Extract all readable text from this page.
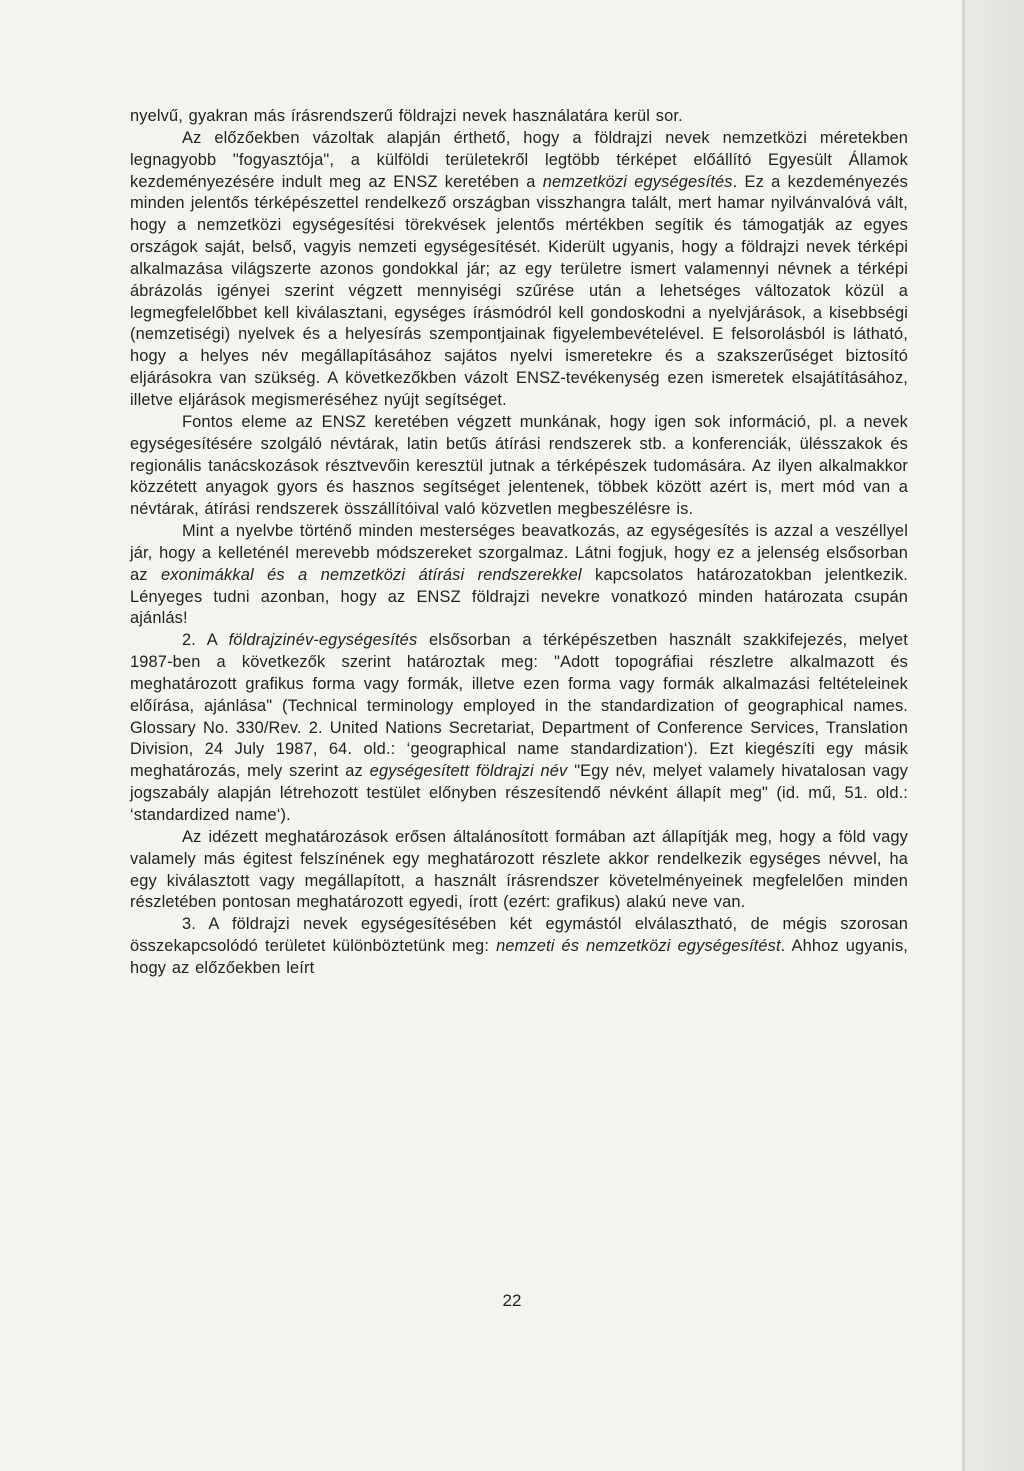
nyelvű, gyakran más írásrendszerű földrajzi nevek használatára kerül sor.

Az előzőekben vázoltak alapján érthető, hogy a földrajzi nevek nemzetközi méretekben legnagyobb "fogyasztója", a külföldi területekről legtöbb térképet előállító Egyesült Államok kezdeményezésére indult meg az ENSZ keretében a nemzetközi egységesítés. Ez a kezdeményezés minden jelentős térképészettel rendelkező országban visszhangra talált, mert hamar nyilvánvalóvá vált, hogy a nemzetközi egységesítési törekvések jelentős mértékben segítik és támogatják az egyes országok saját, belső, vagyis nemzeti egységesítését. Kiderült ugyanis, hogy a földrajzi nevek térképi alkalmazása világszerte azonos gondokkal jár; az egy területre ismert valamennyi névnek a térképi ábrázolás igényei szerint végzett mennyiségi szűrése után a lehetséges változatok közül a legmegfelelőbbet kell kiválasztani, egységes írásmódról kell gondoskodni a nyelvjárások, a kisebbségi (nemzetiségi) nyelvek és a helyesírás szempontjainak figyelembevételével. E felsorolásból is látható, hogy a helyes név megállapításához sajátos nyelvi ismeretekre és a szakszerűséget biztosító eljárásokra van szükség. A következőkben vázolt ENSZ-tevékenység ezen ismeretek elsajátításához, illetve eljárások megismeréséhez nyújt segítséget.

Fontos eleme az ENSZ keretében végzett munkának, hogy igen sok információ, pl. a nevek egységesítésére szolgáló névtárak, latin betűs átírási rendszerek stb. a konferenciák, ülésszakok és regionális tanácskozások résztvevőin keresztül jutnak a térképészek tudomására. Az ilyen alkalmakkor közzétett anyagok gyors és hasznos segítséget jelentenek, többek között azért is, mert mód van a névtárak, átírási rendszerek összállítóival való közvetlen megbeszélésre is.

Mint a nyelvbe történő minden mesterséges beavatkozás, az egységesítés is azzal a veszéllyel jár, hogy a kelleténél merevebb módszereket szorgalmaz. Látni fogjuk, hogy ez a jelenség elsősorban az exonimákkal és a nemzetközi átírási rendszerekkel kapcsolatos határozatokban jelentkezik. Lényeges tudni azonban, hogy az ENSZ földrajzi nevekre vonatkozó minden határozata csupán ajánlás!

2. A földrajzinév-egységesítés elsősorban a térképészetben használt szakkifejezés, melyet 1987-ben a következők szerint határoztak meg: "Adott topográfiai részletre alkalmazott és meghatározott grafikus forma vagy formák, illetve ezen forma vagy formák alkalmazási feltételeinek előírása, ajánlása" (Technical terminology employed in the standardization of geographical names. Glossary No. 330/Rev. 2. United Nations Secretariat, Department of Conference Services, Translation Division, 24 July 1987, 64. old.: ‘geographical name standardization‘). Ezt kiegészíti egy másik meghatározás, mely szerint az egységesített földrajzi név "Egy név, melyet valamely hivatalosan vagy jogszabály alapján létrehozott testület előnyben részesítendő névként állapít meg" (id. mű, 51. old.: ‘standardized name‘).

Az idézett meghatározások erősen általánosított formában azt állapítják meg, hogy a föld vagy valamely más égitest felszínének egy meghatározott részlete akkor rendelkezik egységes névvel, ha egy kiválasztott vagy megállapított, a használt írásrendszer követelményeinek megfelelően minden részletében pontosan meghatározott egyedi, írott (ezért: grafikus) alakú neve van.

3. A földrajzi nevek egységesítésében két egymástól elválasztható, de mégis szorosan összekapcsolódó területet különböztetünk meg: nemzeti és nemzetközi egységesítést. Ahhoz ugyanis, hogy az előzőekben leírt

22
